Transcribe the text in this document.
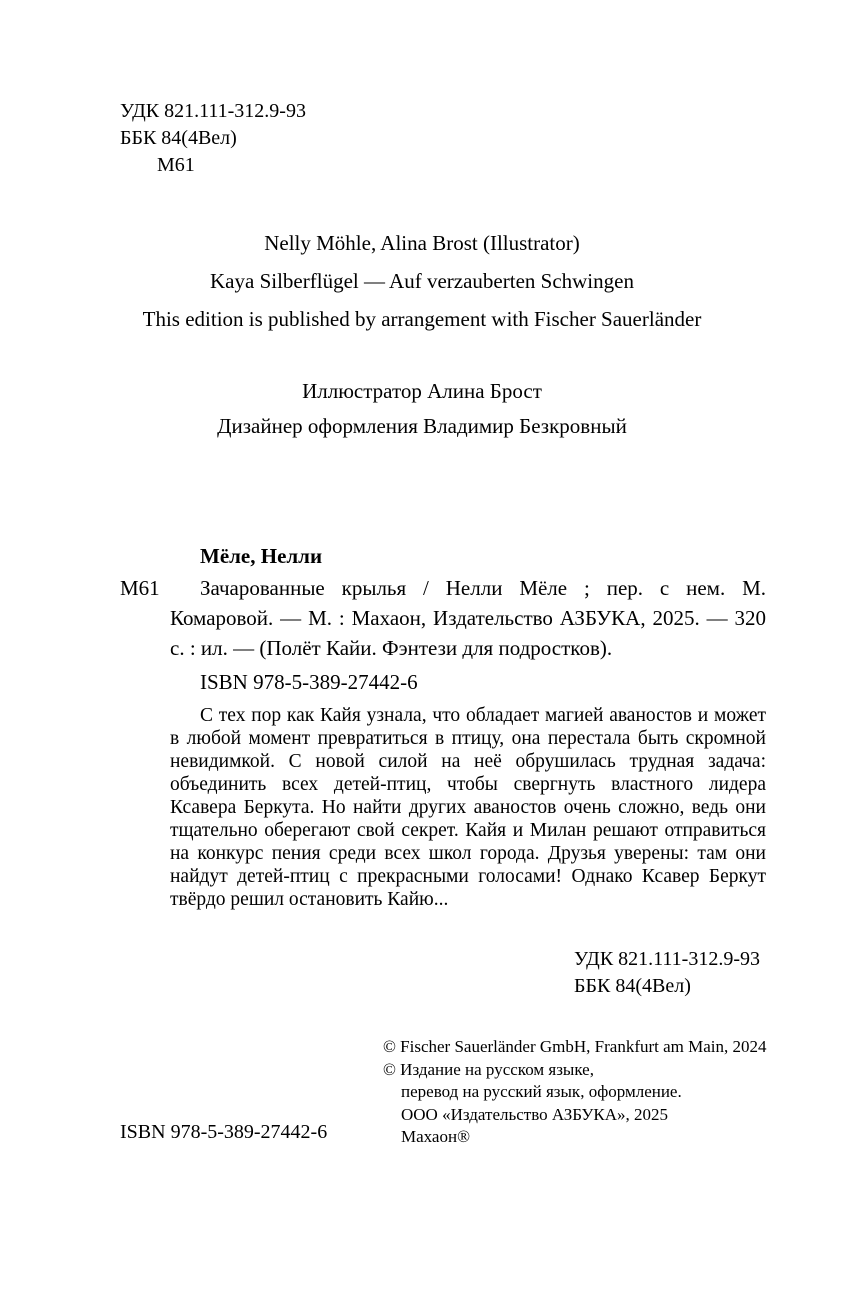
УДК 821.111-312.9-93
ББК 84(4Вел)
М61

Nelly Möhle, Alina Brost (Illustrator)

Kaya Silberflügel — Auf verzauberten Schwingen

This edition is published by arrangement with Fischer Sauerländer

Иллюстратор Алина Брост

Дизайнер оформления Владимир Безкровный

Мёле, Нелли

М61	Зачарованные крылья / Нелли Мёле ; пер. с нем. М. Комаровой. — М. : Махаон, Издательство АЗБУКА, 2025. — 320 с. : ил. — (Полёт Кайи. Фэнтези для подростков).

ISBN 978-5-389-27442-6

С тех пор как Кайя узнала, что обладает магией аваностов и может в любой момент превратиться в птицу, она перестала быть скромной невидимкой. С новой силой на неё обрушилась трудная задача: объединить всех детей-птиц, чтобы свергнуть властного лидера Ксавера Беркута. Но найти других аваностов очень сложно, ведь они тщательно оберегают свой секрет. Кайя и Милан решают отправиться на конкурс пения среди всех школ города. Друзья уверены: там они найдут детей-птиц с прекрасными голосами! Однако Ксавер Беркут твёрдо решил остановить Кайю...

УДК 821.111-312.9-93
ББК 84(4Вел)

© Fischer Sauerländer GmbH, Frankfurt am Main, 2024

© Издание на русском языке,

перевод на русский язык, оформление.

ООО «Издательство АЗБУКА», 2025

Махаон®

ISBN 978-5-389-27442-6
